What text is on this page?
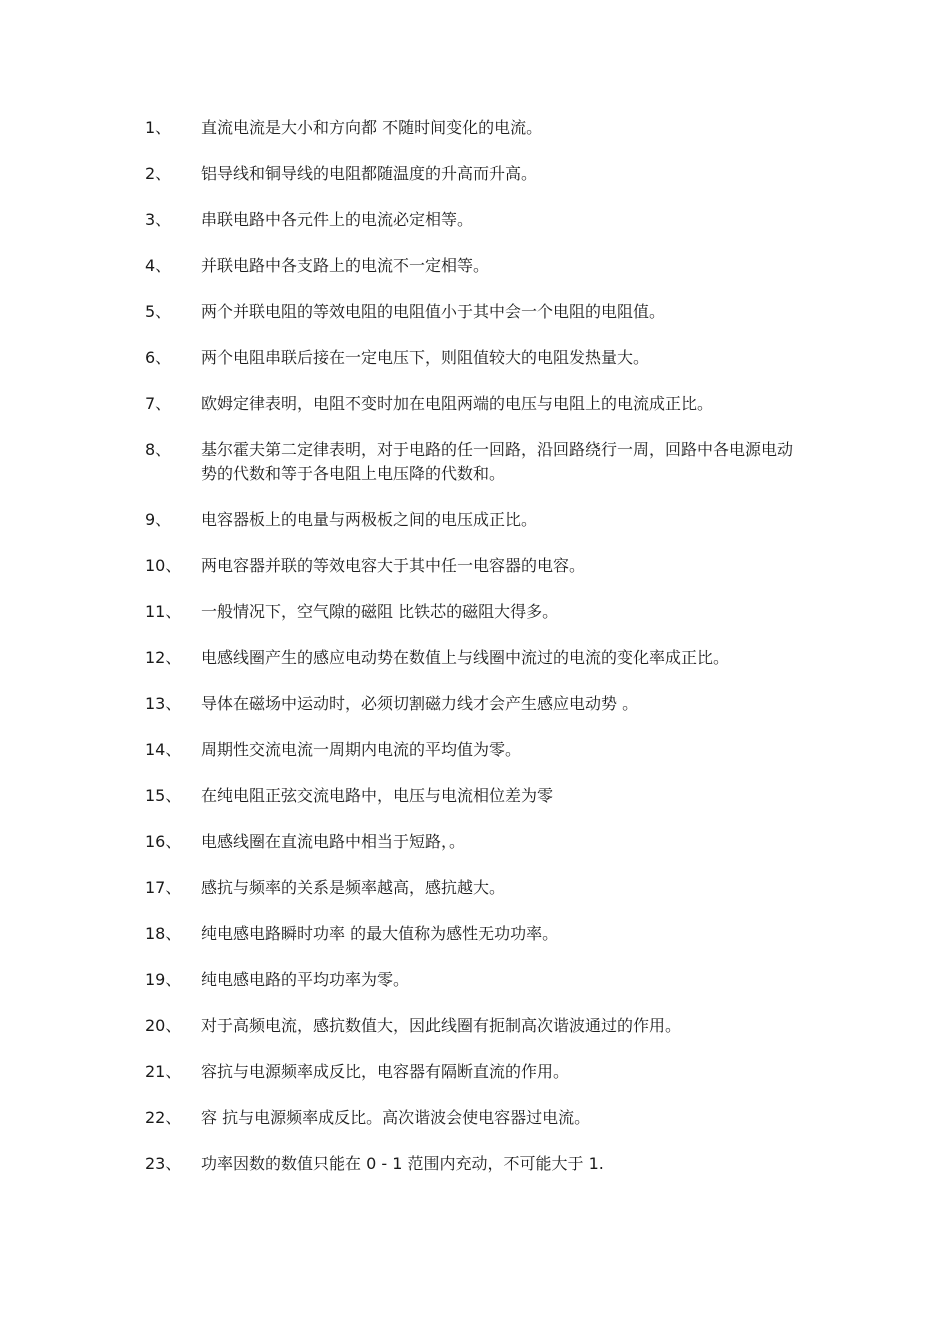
1、	直流电流是大小和方向都 不随时间变化的电流。
2、	铝导线和铜导线的电阻都随温度的升高而升高。
3、	串联电路中各元件上的电流必定相等。
4、	并联电路中各支路上的电流不一定相等。
5、	两个并联电阻的等效电阻的电阻值小于其中会一个电阻的电阻值。
6、	两个电阻串联后接在一定电压下，则阻值较大的电阻发热量大。
7、	欧姆定律表明，电阻不变时加在电阻两端的电压与电阻上的电流成正比。
8、	基尔霍夫第二定律表明，对于电路的任一回路，沿回路绕行一周，回路中各电源电动势的代数和等于各电阻上电压降的代数和。
9、	电容器板上的电量与两极板之间的电压成正比。
10、	两电容器并联的等效电容大于其中任一电容器的电容。
11、	一般情况下，空气隙的磁阻 比铁芯的磁阻大得多。
12、	电感线圈产生的感应电动势在数值上与线圈中流过的电流的变化率成正比。
13、	导体在磁场中运动时，必须切割磁力线才会产生感应电动势 。
14、	周期性交流电流一周期内电流的平均值为零。
15、	在纯电阻正弦交流电路中，电压与电流相位差为零
16、	电感线圈在直流电路中相当于短路，。
17、	感抗与频率的关系是频率越高，感抗越大。
18、	纯电感电路瞬时功率 的最大值称为感性无功功率。
19、	纯电感电路的平均功率为零。
20、	对于高频电流，感抗数值大，因此线圈有扼制高次谐波通过的作用。
21、	容抗与电源频率成反比，电容器有隔断直流的作用。
22、	容 抗与电源频率成反比。高次谐波会使电容器过电流。
23、	功率因数的数值只能在 0 - 1 范围内充动，不可能大于 1.
